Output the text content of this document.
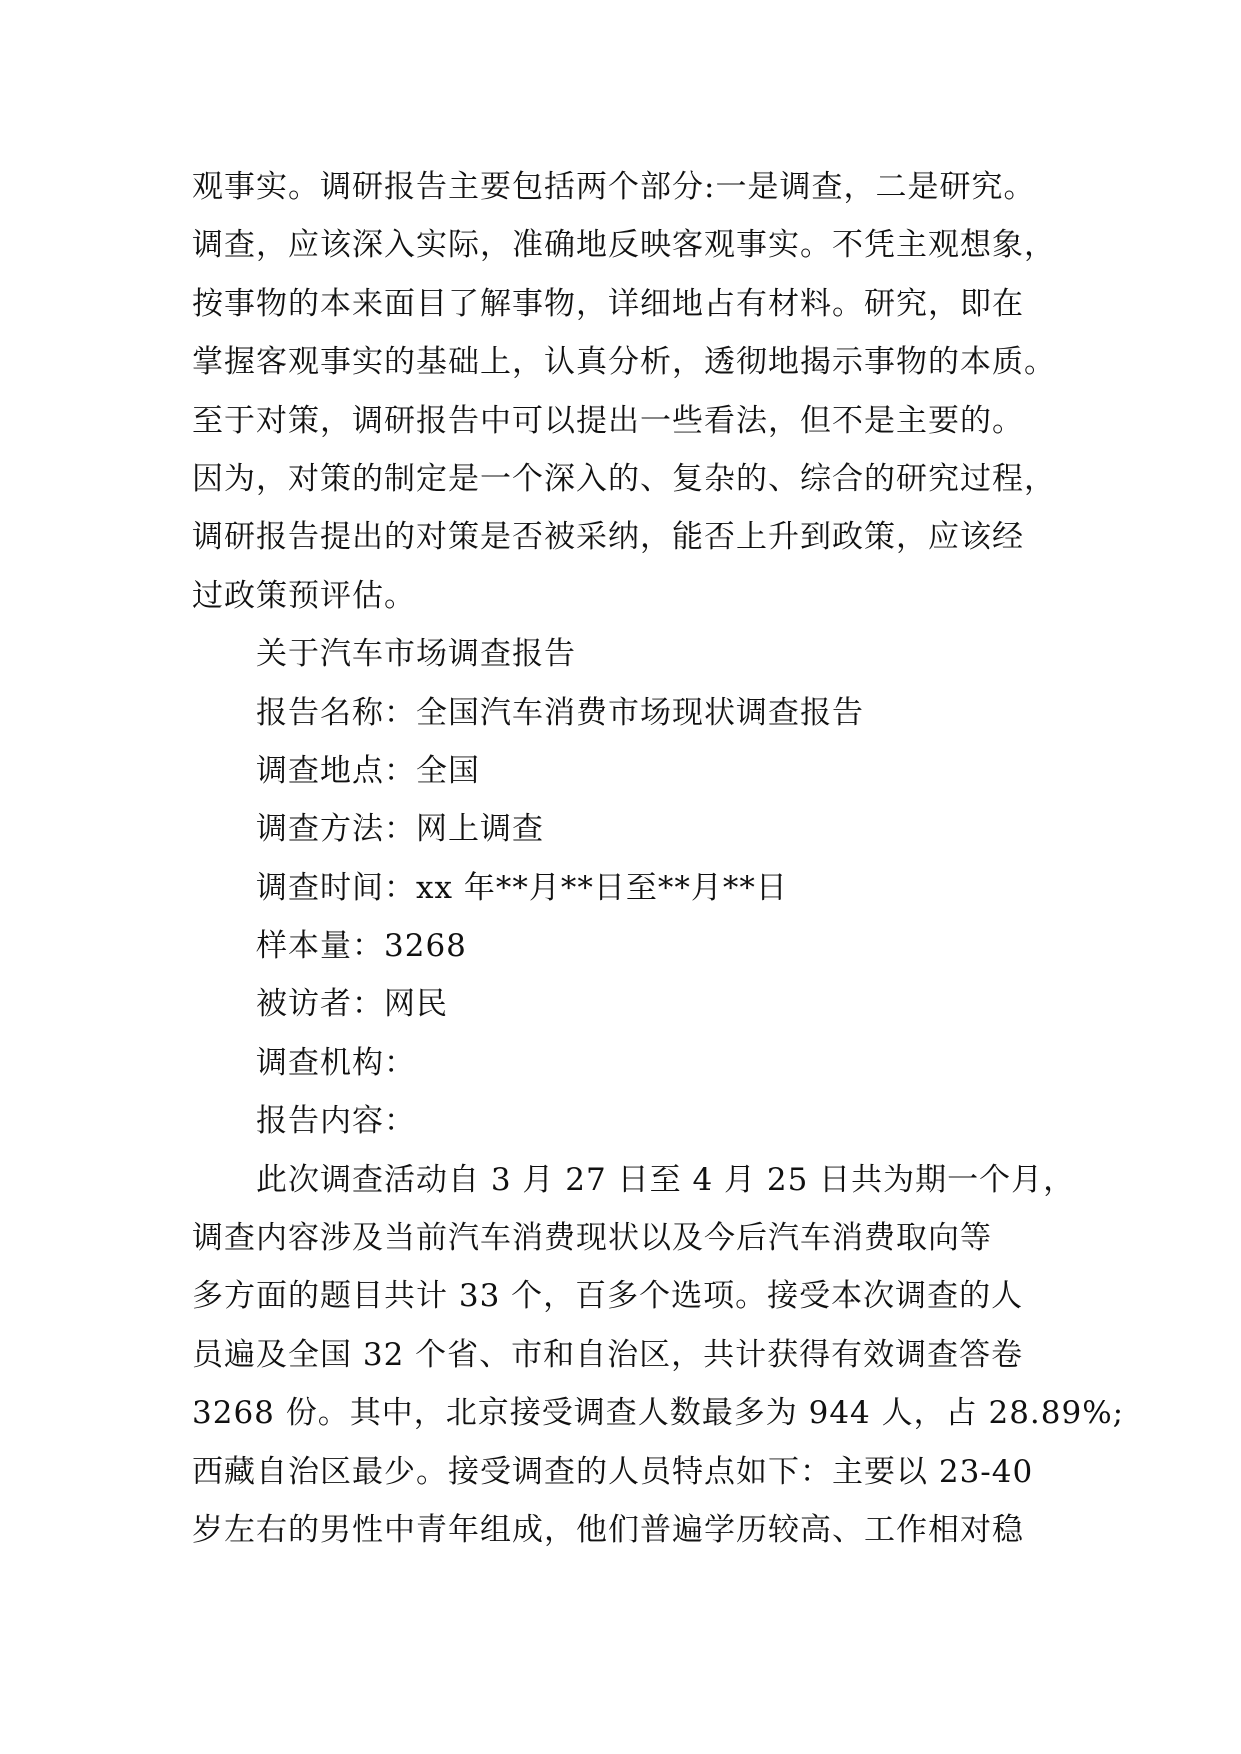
观事实。调研报告主要包括两个部分:一是调查，二是研究。
调查，应该深入实际，准确地反映客观事实。不凭主观想象，
按事物的本来面目了解事物，详细地占有材料。研究，即在
掌握客观事实的基础上，认真分析，透彻地揭示事物的本质。
至于对策，调研报告中可以提出一些看法，但不是主要的。
因为，对策的制定是一个深入的、复杂的、综合的研究过程，
调研报告提出的对策是否被采纳，能否上升到政策，应该经
过政策预评估。
关于汽车市场调查报告
报告名称：全国汽车消费市场现状调查报告
调查地点：全国
调查方法：网上调查
调查时间：xx 年**月**日至**月**日
样本量：3268
被访者：网民
调查机构：
报告内容：
此次调查活动自 3 月 27 日至 4 月 25 日共为期一个月，
调查内容涉及当前汽车消费现状以及今后汽车消费取向等
多方面的题目共计 33 个，百多个选项。接受本次调查的人
员遍及全国 32 个省、市和自治区，共计获得有效调查答卷
3268 份。其中，北京接受调查人数最多为 944 人，占 28.89%;
西藏自治区最少。接受调查的人员特点如下：主要以 23-40
岁左右的男性中青年组成，他们普遍学历较高、工作相对稳
